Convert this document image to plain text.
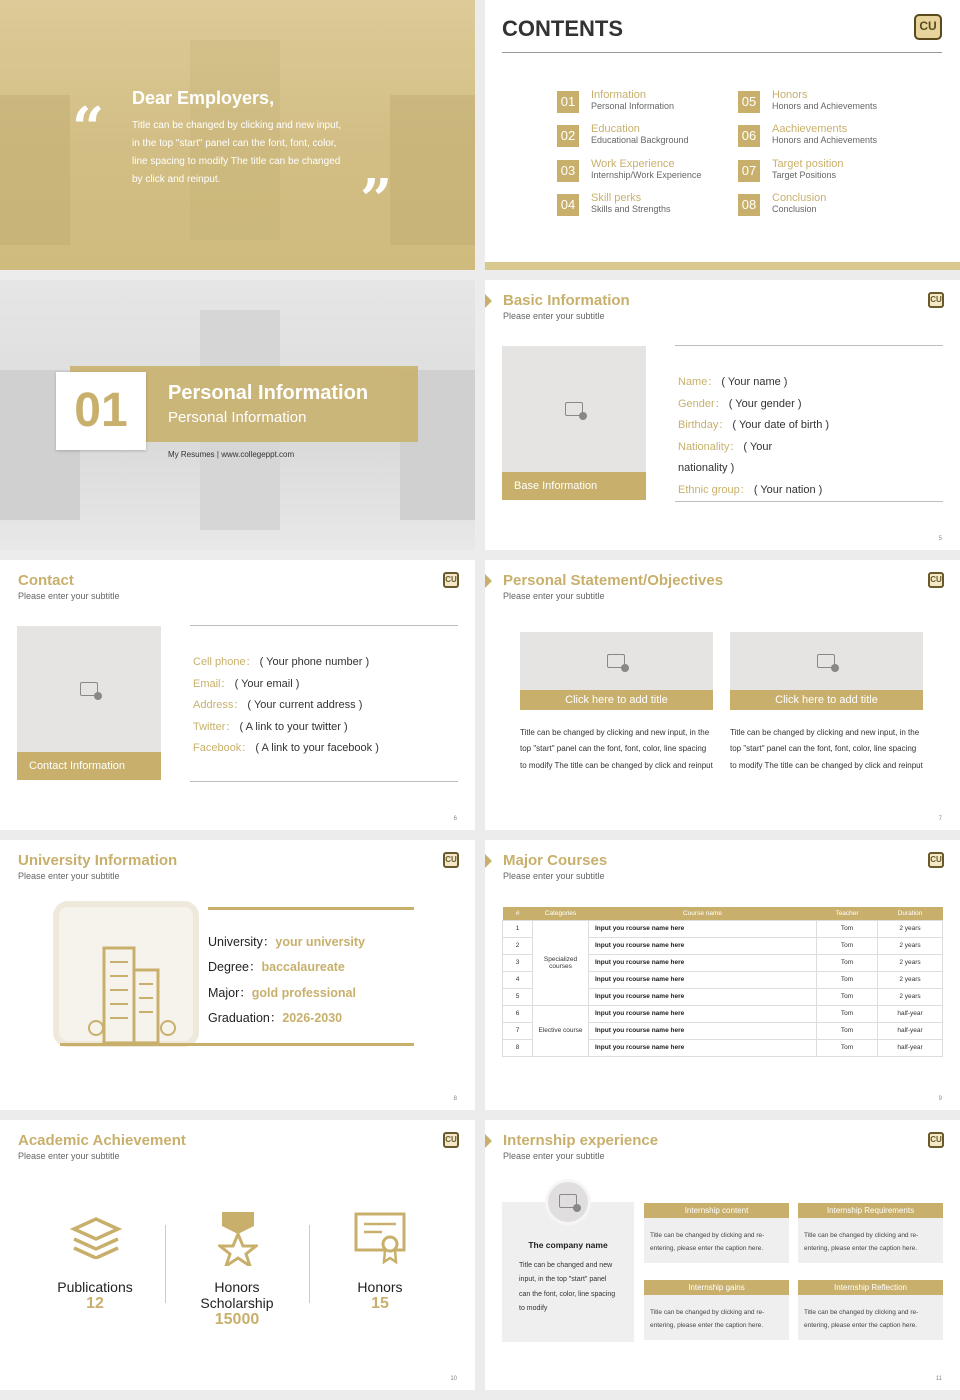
“
”
Dear Employers,
Title can be changed by clicking and new input, in the top "start" panel can the font, font, color, line spacing to modify The title can be changed by click and reinput.
CONTENTS	CU
01	Information
Personal Information
02	Education
Educational Background
03	Work Experience
Internship/Work Experience
04	Skill perks
Skills and Strengths
05	Honors
Honors and Achievements
06	Aachievements
Honors and Achievements
07	Target position
Target Positions
08	Conclusion
Conclusion
01	Personal Information
Personal Information
My Resumes | www.collegeppt.com
Basic Information
Please enter your subtitle
CU
Base Information
Name： ( Your name )
Gender： ( Your gender )
Birthday： ( Your date of birth )
Nationality： ( Your
nationality )
Ethnic group： ( Your nation )
5
Contact
Please enter your subtitle
CU
Contact Information
Cell phone： ( Your phone number )
Email： ( Your email )
Address： ( Your current address )
Twitter： ( A link to your twitter )
Facebook： ( A link to your facebook )
6
Personal Statement/Objectives
Please enter your subtitle
CU
Click here to add title
Title can be changed by clicking and new input, in the top "start" panel can the font, font, color, line spacing to modify The title can be changed by click and reinput
Click here to add title
Title can be changed by clicking and new input, in the top "start" panel can the font, font, color, line spacing to modify The title can be changed by click and reinput
7
University Information
Please enter your subtitle
CU
University：your university
Degree：baccalaureate
Major：gold professional
Graduation：2026-2030
8
Major Courses
Please enter your subtitle
CU
#	Categories	Course name	Teacher	Duration
1	Specialized courses	Input you rcourse name here	Tom	2 years
2		Input you rcourse name here	Tom	2 years
3		Input you rcourse name here	Tom	2 years
4		Input you rcourse name here	Tom	2 years
5		Input you rcourse name here	Tom	2 years
6	Elective course	Input you rcourse name here	Tom	half-year
7		Input you rcourse name here	Tom	half-year
8		Input you rcourse name here	Tom	half-year
9
Academic Achievement
Please enter your subtitle
CU
Publications
12
Honors Scholarship
15000
Honors
15
10
Internship experience
Please enter your subtitle
CU
The company name
Title can be changed and new input, in the top "start" panel can the font, color, line spacing to modify
Internship content
Title can be changed by clicking and re-entering, please enter the caption here.
Internship Requirements
Title can be changed by clicking and re-entering, please enter the caption here.
Internship gains
Title can be changed by clicking and re-entering, please enter the caption here.
Internship Reflection
Title can be changed by clicking and re-entering, please enter the caption here.
11
